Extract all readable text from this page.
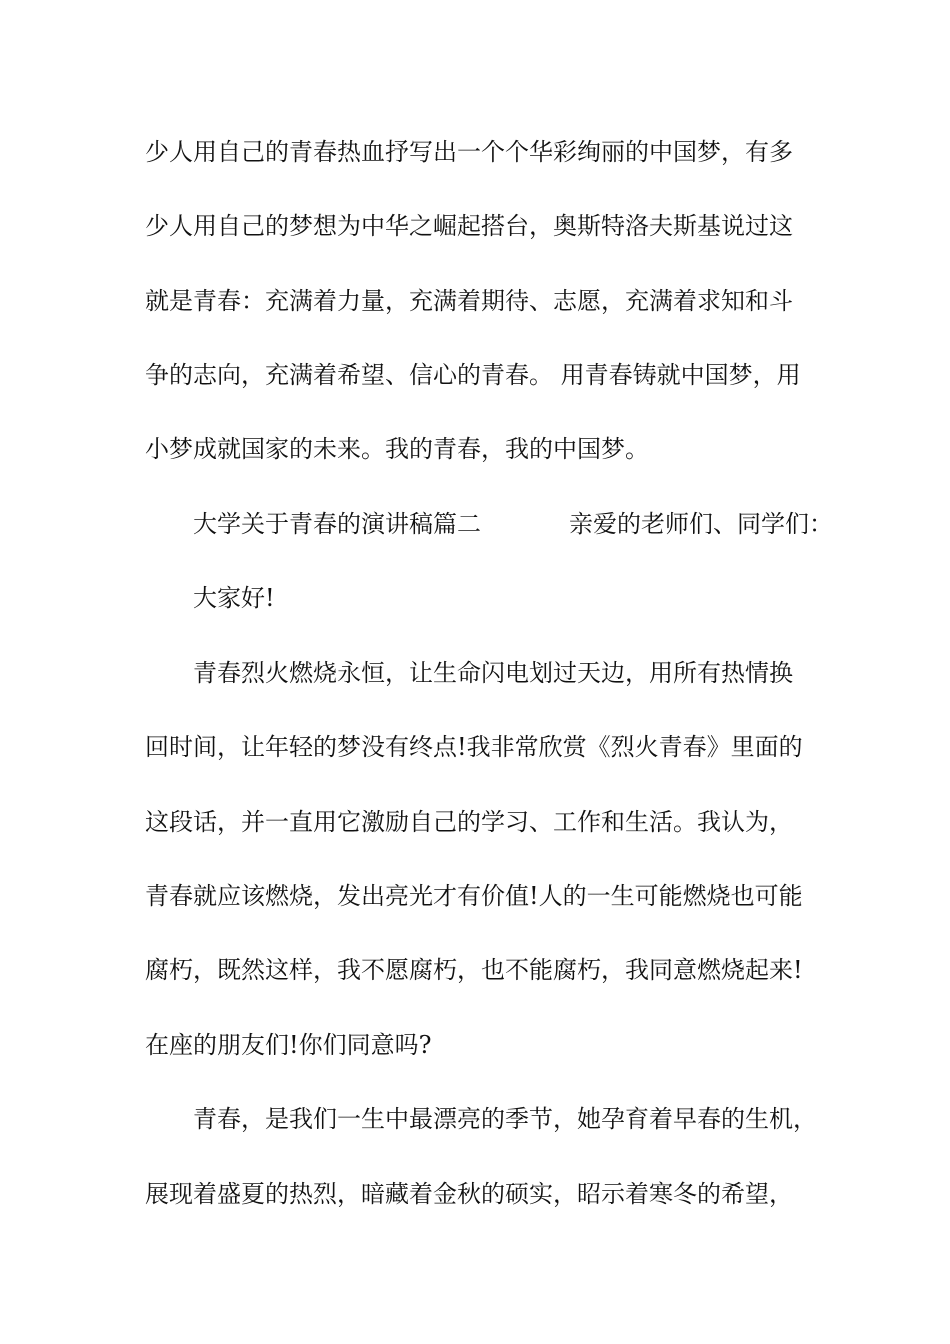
少人用自己的青春热血抒写出一个个华彩绚丽的中国梦，有多
少人用自己的梦想为中华之崛起搭台，奥斯特洛夫斯基说过这
就是青春：充满着力量，充满着期待、志愿，充满着求知和斗
争的志向，充满着希望、信心的青春。 用青春铸就中国梦，用
小梦成就国家的未来。我的青春，我的中国梦。
大学关于青春的演讲稿篇二	亲爱的老师们、同学们：
大家好!
青春烈火燃烧永恒，让生命闪电划过天边，用所有热情换
回时间，让年轻的梦没有终点!我非常欣赏《烈火青春》里面的
这段话，并一直用它激励自己的学习、工作和生活。我认为，
青春就应该燃烧，发出亮光才有价值!人的一生可能燃烧也可能
腐朽，既然这样，我不愿腐朽，也不能腐朽，我同意燃烧起来!
在座的朋友们!你们同意吗?
青春，是我们一生中最漂亮的季节，她孕育着早春的生机，
展现着盛夏的热烈，暗藏着金秋的硕实，昭示着寒冬的希望，
